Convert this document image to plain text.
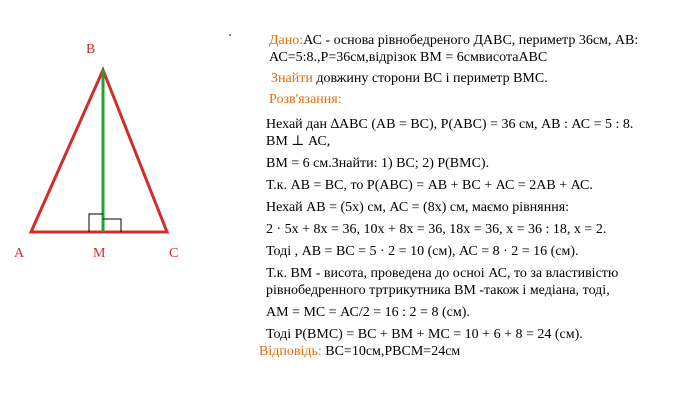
B
A	M	C

Дано:АС - основа рівнобедреного ДАВС, периметр 36см, АВ:

АС=5:8.,Р=36см,відрізок ВМ = 6смвисотаАВС

Знайти довжину сторони ВС і периметр ВМС.

Розв'язання:

Нехай дан ∆АВС (АВ = ВС), Р(АВС) = 36 см, АВ : АС = 5 : 8.

ВМ ⊥ АС,

ВМ = 6 см.Знайти: 1) ВС; 2) Р(ВМС).

Т.к. АВ = ВС, то Р(АВС) = АВ + ВС + АС = 2АВ + АС.

Нехай АВ = (5х) см, АС = (8х) см, маємо рівняння:

2 · 5х + 8х = 36, 10х + 8х = 36, 18х = 36, х = 36 : 18, х = 2.

Тоді , АВ = ВС = 5 · 2 = 10 (см), АС = 8 · 2 = 16 (см).

Т.к. ВМ - висота, проведена до осноі АС, то за властивістю

рівнобедренного тртрикутника ВМ -також і медіана, тоді,

АМ = МС = АС/2 = 16 : 2 = 8 (см).

Тоді Р(ВМС) = ВС + ВМ + МС = 10 + 6 + 8 = 24 (см).

Відповідь: ВС=10см,РВСМ=24см
